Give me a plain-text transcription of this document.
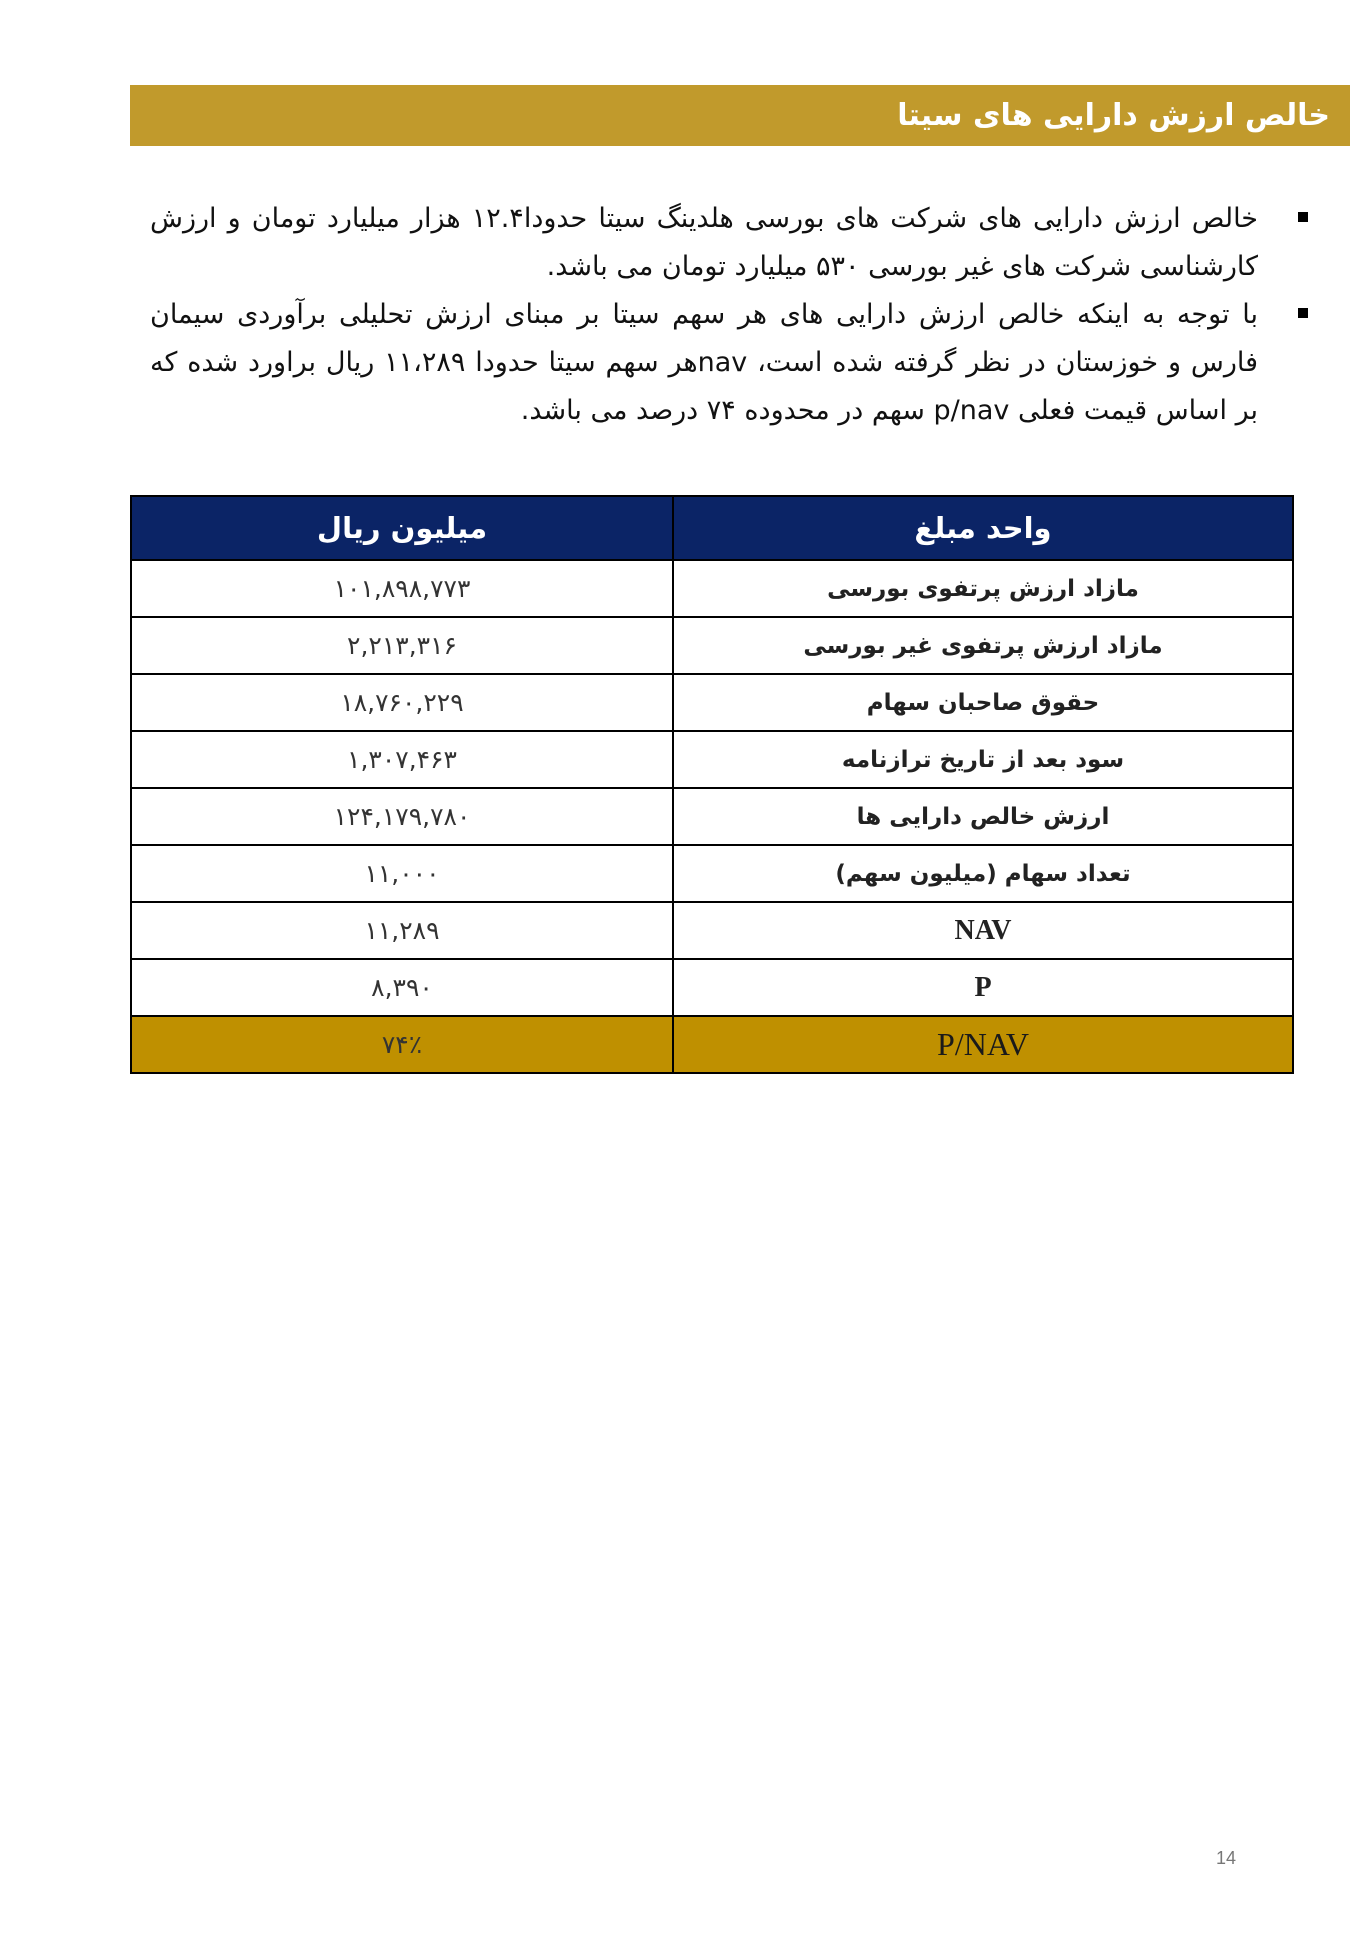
خالص ارزش دارایی های سیتا
خالص ارزش دارایی های شرکت های بورسی هلدینگ سیتا حدودا۱۲.۴ هزار میلیارد تومان و ارزش کارشناسی شرکت های غیر بورسی ۵۳۰ میلیارد تومان می باشد.
با توجه به اینکه خالص ارزش دارایی های هر سهم سیتا بر مبنای ارزش تحلیلی برآوردی سیمان فارس و خوزستان در نظر گرفته شده است، navهر سهم سیتا حدودا ۱۱،۲۸۹ ریال براورد شده که بر اساس قیمت فعلی p/nav سهم در محدوده ۷۴ درصد می باشد.
واحد مبلغ	میلیون ریال
مازاد ارزش پرتفوی بورسی	۱۰۱,۸۹۸,۷۷۳
مازاد ارزش پرتفوی غیر بورسی	۲,۲۱۳,۳۱۶
حقوق صاحبان سهام	۱۸,۷۶۰,۲۲۹
سود بعد از تاریخ ترازنامه	۱,۳۰۷,۴۶۳
ارزش خالص دارایی ها	۱۲۴,۱۷۹,۷۸۰
تعداد سهام (میلیون سهم)	۱۱,۰۰۰
NAV	۱۱,۲۸۹
P	۸,۳۹۰
P/NAV	۷۴٪
14
